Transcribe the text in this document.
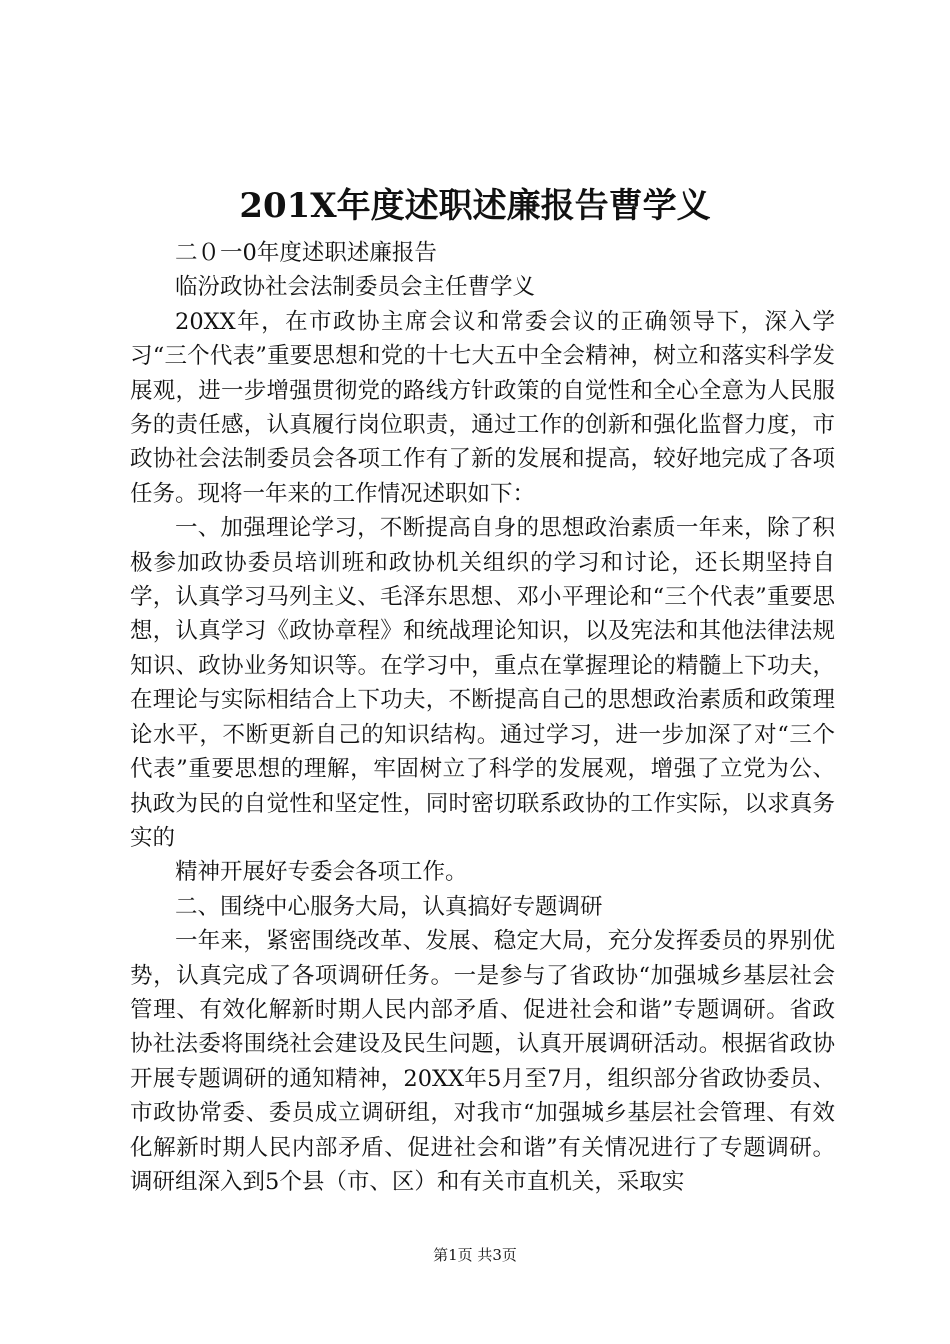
201X年度述职述廉报告曹学义

二０一0年度述职述廉报告

临汾政协社会法制委员会主任曹学义

20XX年，在市政协主席会议和常委会议的正确领导下，深入学习“三个代表”重要思想和党的十七大五中全会精神，树立和落实科学发展观，进一步增强贯彻党的路线方针政策的自觉性和全心全意为人民服务的责任感，认真履行岗位职责，通过工作的创新和强化监督力度，市政协社会法制委员会各项工作有了新的发展和提高，较好地完成了各项任务。现将一年来的工作情况述职如下：

一、加强理论学习，不断提高自身的思想政治素质一年来，除了积极参加政协委员培训班和政协机关组织的学习和讨论，还长期坚持自学，认真学习马列主义、毛泽东思想、邓小平理论和“三个代表”重要思想，认真学习《政协章程》和统战理论知识，以及宪法和其他法律法规知识、政协业务知识等。在学习中，重点在掌握理论的精髓上下功夫，在理论与实际相结合上下功夫，不断提高自己的思想政治素质和政策理论水平，不断更新自己的知识结构。通过学习，进一步加深了对“三个代表”重要思想的理解，牢固树立了科学的发展观，增强了立党为公、执政为民的自觉性和坚定性，同时密切联系政协的工作实际，以求真务实的

精神开展好专委会各项工作。

二、围绕中心服务大局，认真搞好专题调研

一年来，紧密围绕改革、发展、稳定大局，充分发挥委员的界别优势，认真完成了各项调研任务。一是参与了省政协“加强城乡基层社会管理、有效化解新时期人民内部矛盾、促进社会和谐”专题调研。省政协社法委将围绕社会建设及民生问题，认真开展调研活动。根据省政协开展专题调研的通知精神，20XX年5月至7月，组织部分省政协委员、市政协常委、委员成立调研组，对我市“加强城乡基层社会管理、有效化解新时期人民内部矛盾、促进社会和谐”有关情况进行了专题调研。调研组深入到5个县（市、区）和有关市直机关，采取实

第1页 共3页
